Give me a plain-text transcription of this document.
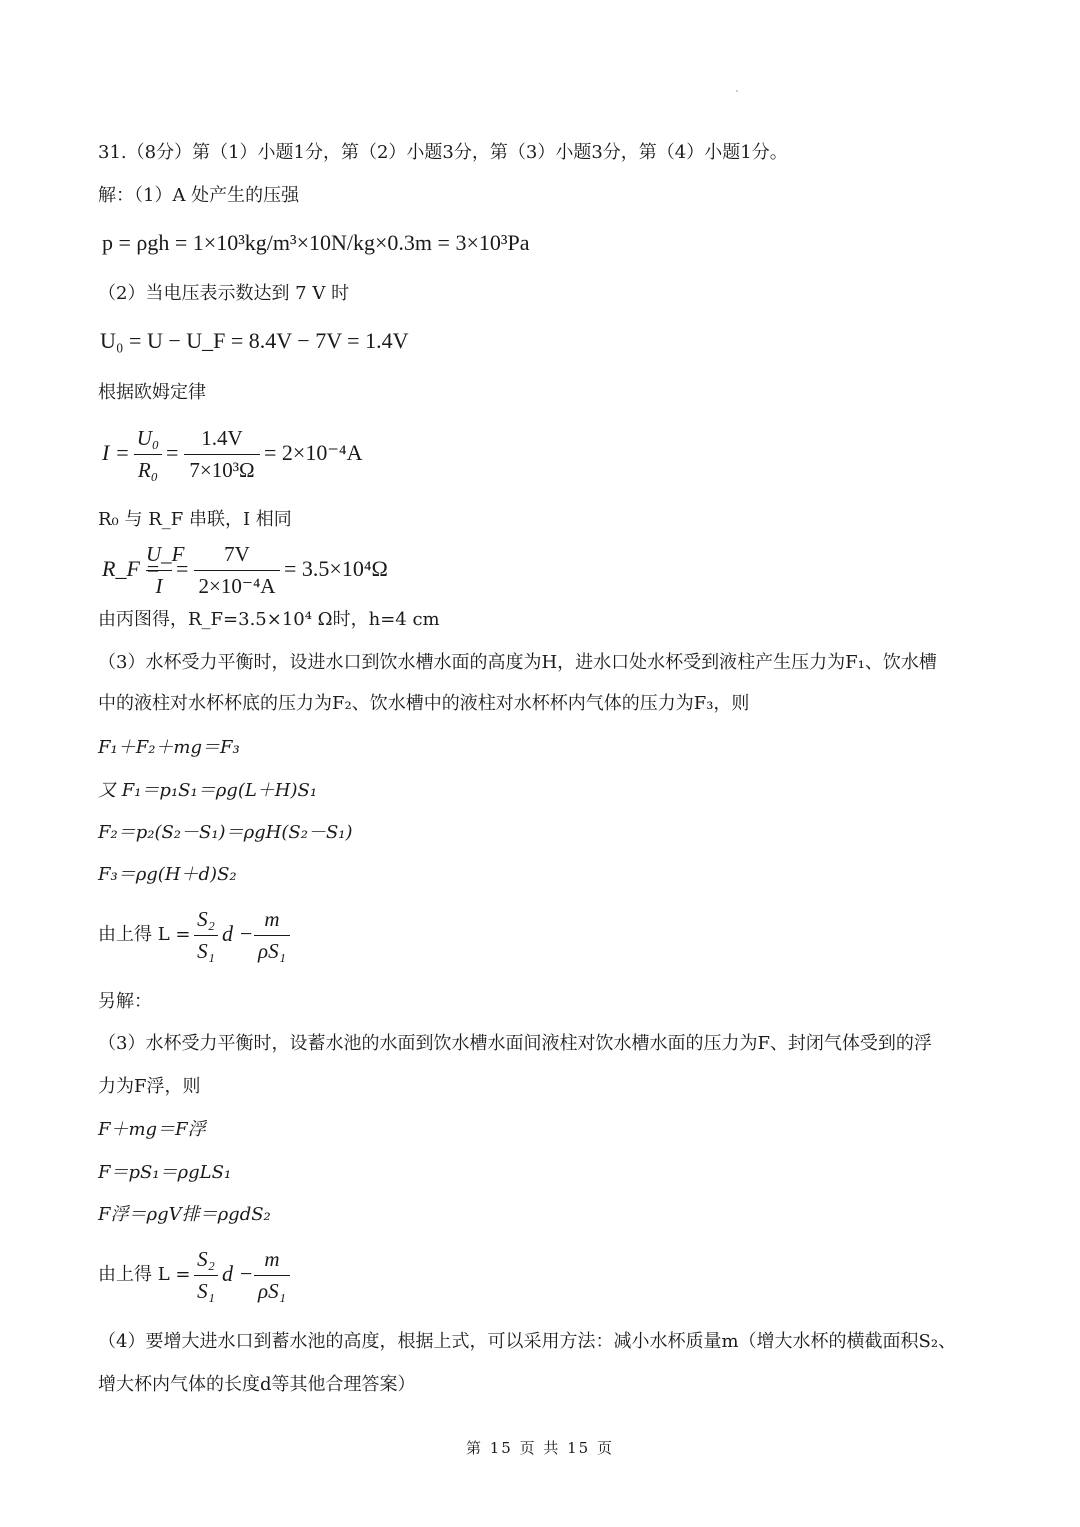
31.（8分）第（1）小题1分，第（2）小题3分，第（3）小题3分，第（4）小题1分。
解：（1）A 处产生的压强
p = ρgh = 1×10³kg/m³×10N/kg×0.3m = 3×10³Pa
（2）当电压表示数达到 7 V 时
U₀ = U − U_F = 8.4V − 7V = 1.4V
根据欧姆定律
I =
U₀
R₀
=
1.4V
7×10³Ω
= 2×10⁻⁴A
R₀ 与 R_F 串联，I 相同
R_F =
U_F
I
=
7V
2×10⁻⁴A
= 3.5×10⁴Ω
由丙图得，R_F=3.5×10⁴ Ω时，h=4 cm
（3）水杯受力平衡时，设进水口到饮水槽水面的高度为H，进水口处水杯受到液柱产生压力为F₁、饮水槽
中的液柱对水杯杯底的压力为F₂、饮水槽中的液柱对水杯杯内气体的压力为F₃，则
F₁＋F₂＋mg＝F₃
又 F₁＝p₁S₁＝ρg(L＋H)S₁
F₂＝p₂(S₂－S₁)＝ρgH(S₂－S₁)
F₃＝ρg(H＋d)S₂
由上得 L =
S₂
S₁
d −
m
ρS₁
另解：
（3）水杯受力平衡时，设蓄水池的水面到饮水槽水面间液柱对饮水槽水面的压力为F、封闭气体受到的浮
力为F浮，则
F＋mg＝F浮
F＝pS₁＝ρgLS₁
F浮＝ρgV排＝ρgdS₂
由上得 L =
S₂
S₁
d −
m
ρS₁
（4）要增大进水口到蓄水池的高度，根据上式，可以采用方法：减小水杯质量m（增大水杯的横截面积S₂、
增大杯内气体的长度d等其他合理答案）
第 15 页 共 15 页
